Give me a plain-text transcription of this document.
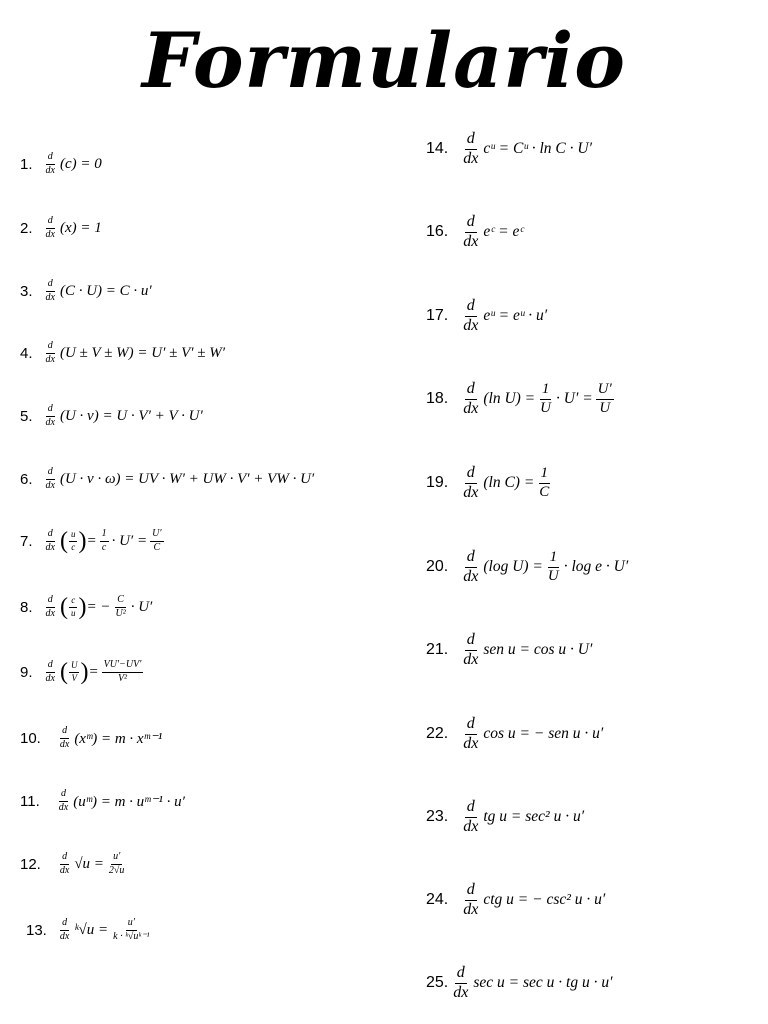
Formulario
1. $\frac{d}{dx} (c) = 0$
2. $\frac{d}{dx} (x) = 1$
3. $\frac{d}{dx} (C \cdot U) = C \cdot u'$
4. $\frac{d}{dx} (U \pm V \pm W) = U' \pm V' \pm W'$
5. $\frac{d}{dx} (U \cdot v) = U \cdot V' + V \cdot U'$
6. $\frac{d}{dx} (U \cdot v \cdot \omega)$ = UV · W′ + UW · V′ + VW · U′
7. $\frac{d}{dx}$ ( $\frac{u}{c}$ ) = $\frac{1}{c} \cdot U' = \frac{U'}{C}$
8. $\frac{d}{dx}$ ( $\frac{c}{u}$ ) = − $\frac{C}{\text{U²}} \cdot U'$
9. $\frac{d}{dx}$ ( $\frac{U}{V}$ ) = $\frac{VU'-UV'}{\text{V²}}$
10. $\frac{d}{dx}$ (xᵐ) = m · xᵐ⁻¹
11. $\frac{d}{dx}$ (uᵐ) = m · uᵐ⁻¹ · u′
12. $\frac{d}{dx} √u = \frac{u'}{2√u}$
13. $\frac{d}{dx}$ ᵏ√u = $\frac{u'}{\text{k · ᵏ√uᵏ⁻¹}}$
14. $\frac{d}{dx}$ cᵘ = Cᵘ · ln C · U′
16. $\frac{d}{dx}$ eᶜ = eᶜ
17. $\frac{d}{dx}$ eᵘ = eᵘ · u′
18. $\frac{d}{dx} (\ln$ $U) = \frac{1}{U} \cdot U' = \frac{U'}{U}$
19. $\frac{d}{dx} (\ln$ $C) = \frac{1}{C}$
20. $\frac{d}{dx} (\log$ $U) = \frac{1}{U} \cdot \log e \cdot U'$
21. $\frac{d}{dx}$ sen u = cos u · U′
22. $\frac{d}{dx}$ cos u = − sen u · u′
23. $\frac{d}{dx}$ tg u = sec² u · u′
24. $\frac{d}{dx}$ ctg u = − csc² u · u′
25. $\frac{d}{dx}$ sec u = sec u · tg u · u′
